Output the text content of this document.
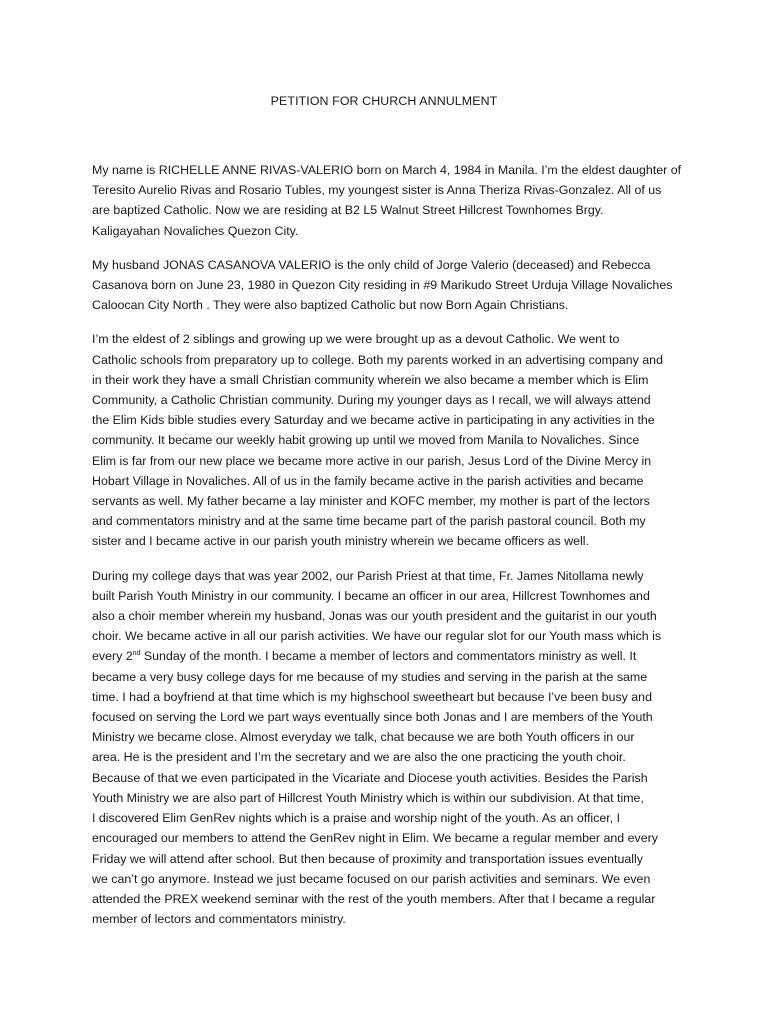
PETITION FOR CHURCH ANNULMENT

My name is RICHELLE ANNE RIVAS-VALERIO born on March 4, 1984 in Manila. I’m the eldest daughter of
Teresito Aurelio Rivas and Rosario Tubles, my youngest sister is Anna Theriza Rivas-Gonzalez. All of us
are baptized Catholic. Now we are residing at B2 L5 Walnut Street Hillcrest Townhomes Brgy.
Kaligayahan Novaliches Quezon City.

My husband JONAS CASANOVA VALERIO is the only child of Jorge Valerio (deceased) and Rebecca
Casanova born on June 23, 1980 in Quezon City residing in #9 Marikudo Street Urduja Village Novaliches
Caloocan City North . They were also baptized Catholic but now Born Again Christians.

I’m the eldest of 2 siblings and growing up we were brought up as a devout Catholic. We went to
Catholic schools from preparatory up to college. Both my parents worked in an advertising company and
in their work they have a small Christian community wherein we also became a member which is Elim
Community, a Catholic Christian community. During my younger days as I recall, we will always attend
the Elim Kids bible studies every Saturday and we became active in participating in any activities in the
community. It became our weekly habit growing up until we moved from Manila to Novaliches. Since
Elim is far from our new place we became more active in our parish, Jesus Lord of the Divine Mercy in
Hobart Village in Novaliches. All of us in the family became active in the parish activities and became
servants as well. My father became a lay minister and KOFC member, my mother is part of the lectors
and commentators ministry and at the same time became part of the parish pastoral council. Both my
sister and I became active in our parish youth ministry wherein we became officers as well.

During my college days that was year 2002, our Parish Priest at that time, Fr. James Nitollama newly
built Parish Youth Ministry in our community. I became an officer in our area, Hillcrest Townhomes and
also a choir member wherein my husband, Jonas was our youth president and the guitarist in our youth
choir. We became active in all our parish activities. We have our regular slot for our Youth mass which is
every 2nd Sunday of the month. I became a member of lectors and commentators ministry as well. It
became a very busy college days for me because of my studies and serving in the parish at the same
time. I had a boyfriend at that time which is my highschool sweetheart but because I’ve been busy and
focused on serving the Lord we part ways eventually since both Jonas and I are members of the Youth
Ministry we became close. Almost everyday we talk, chat because we are both Youth officers in our
area. He is the president and I’m the secretary and we are also the one practicing the youth choir.
Because of that we even participated in the Vicariate and Diocese youth activities. Besides the Parish
Youth Ministry we are also part of Hillcrest Youth Ministry which is within our subdivision. At that time,
I discovered Elim GenRev nights which is a praise and worship night of the youth. As an officer, I
encouraged our members to attend the GenRev night in Elim. We became a regular member and every
Friday we will attend after school. But then because of proximity and transportation issues eventually
we can’t go anymore. Instead we just became focused on our parish activities and seminars. We even
attended the PREX weekend seminar with the rest of the youth members. After that I became a regular
member of lectors and commentators ministry.
